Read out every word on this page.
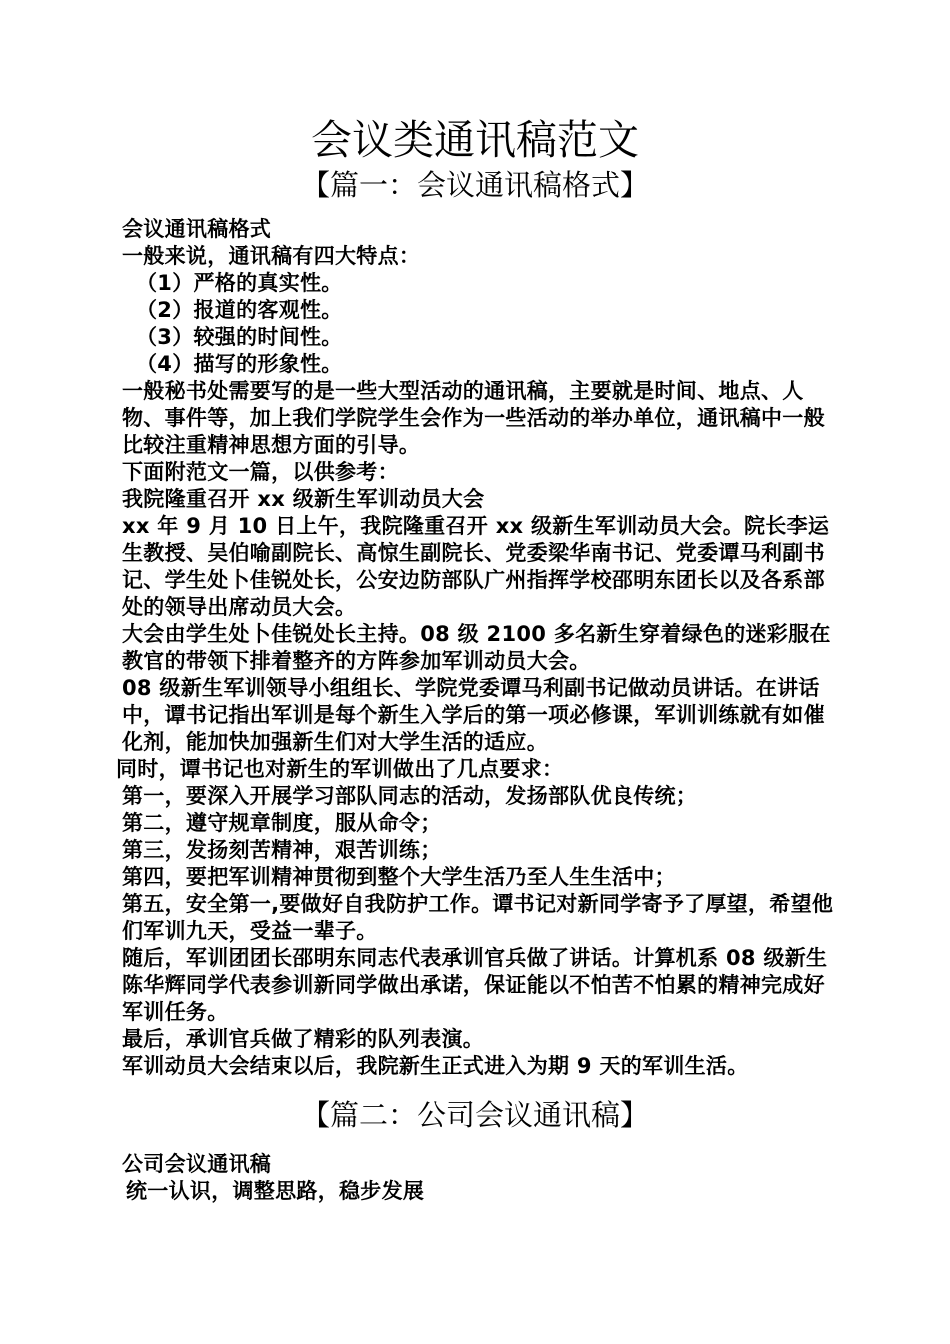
会议类通讯稿范文
【篇一：会议通讯稿格式】

会议通讯稿格式

一般来说，通讯稿有四大特点：

（1）严格的真实性。

（2）报道的客观性。

（3）较强的时间性。

（4）描写的形象性。

一般秘书处需要写的是一些大型活动的通讯稿，主要就是时间、地点、人物、事件等，加上我们学院学生会作为一些活动的举办单位，通讯稿中一般比较注重精神思想方面的引导。

下面附范文一篇，以供参考：

我院隆重召开 xx 级新生军训动员大会

xx 年 9 月 10 日上午，我院隆重召开 xx 级新生军训动员大会。院长李运生教授、吴伯喻副院长、高惊生副院长、党委梁华南书记、党委谭马利副书记、学生处卜佳锐处长，公安边防部队广州指挥学校邵明东团长以及各系部处的领导出席动员大会。

大会由学生处卜佳锐处长主持。08 级 2100 多名新生穿着绿色的迷彩服在教官的带领下排着整齐的方阵参加军训动员大会。

08 级新生军训领导小组组长、学院党委谭马利副书记做动员讲话。在讲话中，谭书记指出军训是每个新生入学后的第一项必修课，军训训练就有如催化剂，能加快加强新生们对大学生活的适应。

同时，谭书记也对新生的军训做出了几点要求：

第一，要深入开展学习部队同志的活动，发扬部队优良传统；

第二，遵守规章制度，服从命令；

第三，发扬刻苦精神，艰苦训练；

第四，要把军训精神贯彻到整个大学生活乃至人生生活中；

第五，安全第一,要做好自我防护工作。谭书记对新同学寄予了厚望，希望他们军训九天，受益一辈子。

随后，军训团团长邵明东同志代表承训官兵做了讲话。计算机系 08 级新生陈华辉同学代表参训新同学做出承诺，保证能以不怕苦不怕累的精神完成好军训任务。

最后，承训官兵做了精彩的队列表演。

军训动员大会结束以后，我院新生正式进入为期 9 天的军训生活。

【篇二：公司会议通讯稿】

公司会议通讯稿

统一认识，调整思路，稳步发展
